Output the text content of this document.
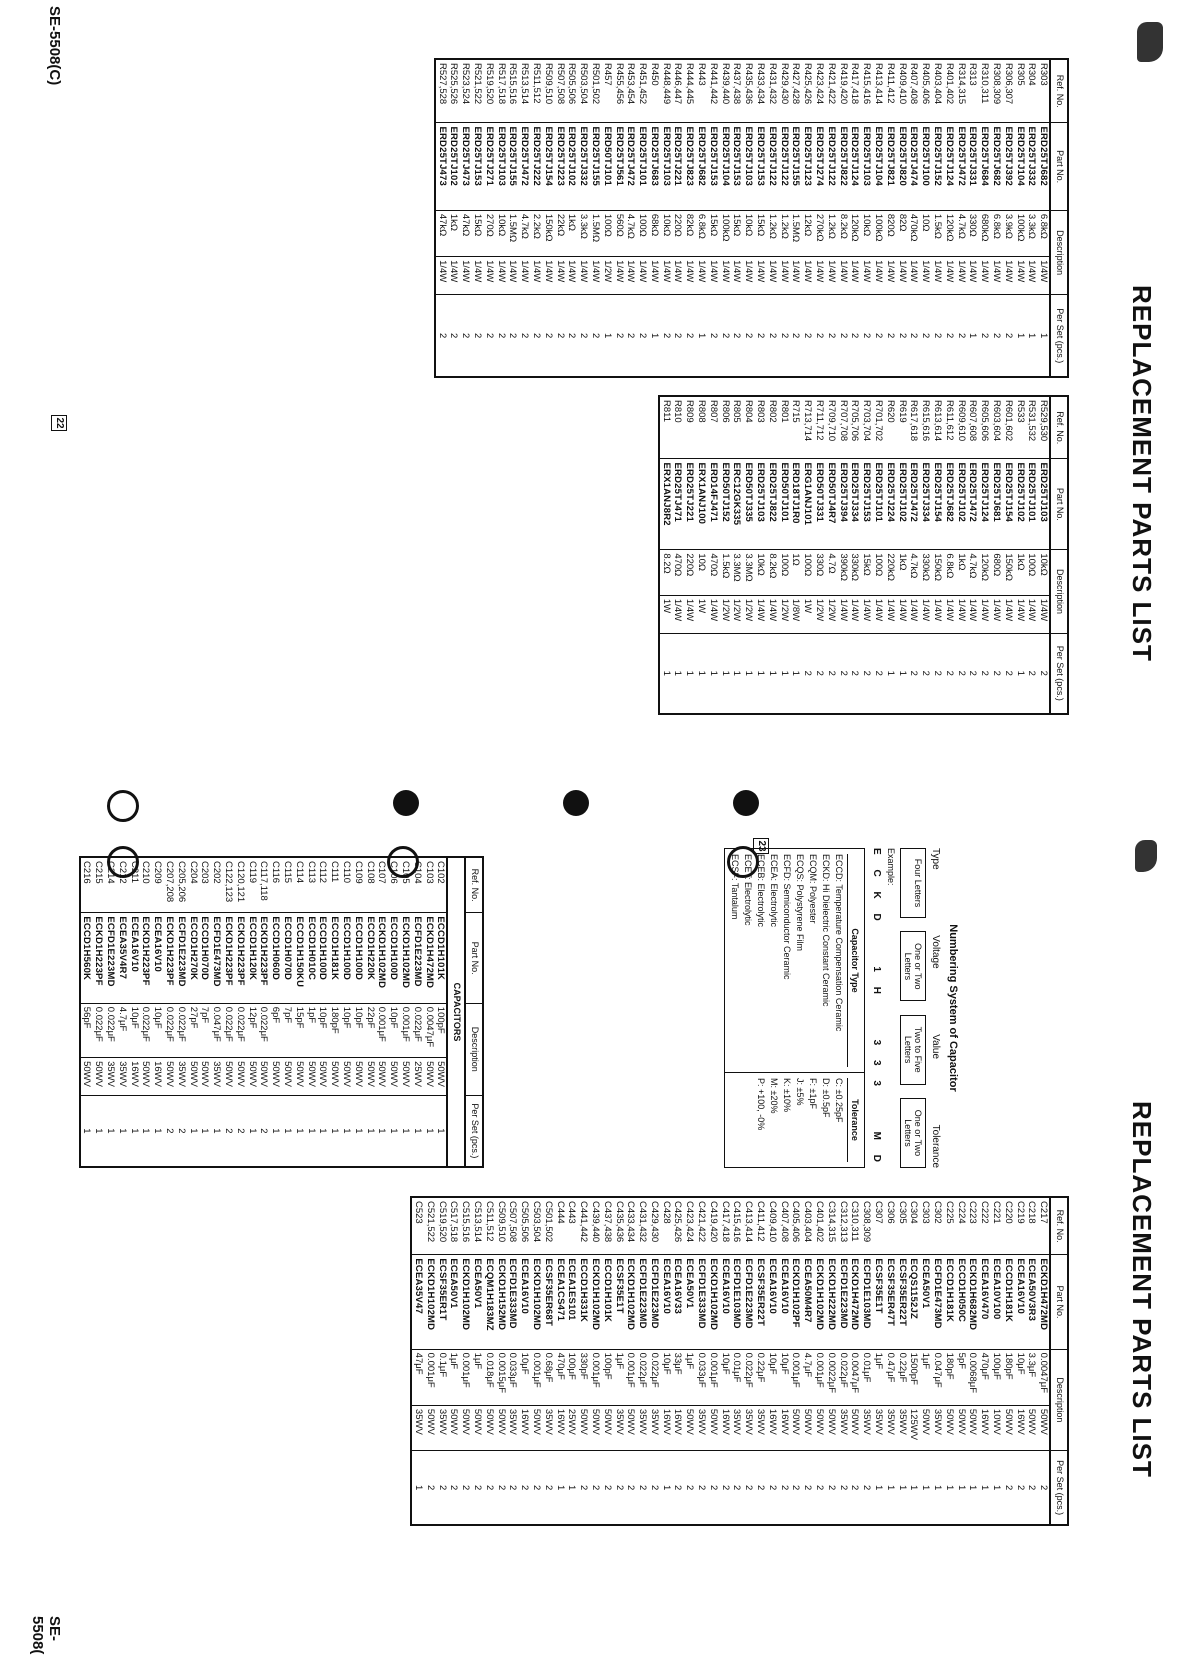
REPLACEMENT PARTS LIST
Ref. No.	Part No.	Description		Per Set (pcs.)
R303	ERD25TJ682	6.8kΩ	1/4W	1
R304	ERD25TJ332	3.3kΩ	1/4W	1
R305	ERD25TJ104	100kΩ	1/4W	1
R306,307	ERD25TJ392	3.9kΩ	1/4W	2
R308,309	ERD25TJ682	6.8kΩ	1/4W	2
R310,311	ERD25TJ684	680kΩ	1/4W	2
R313	ERD25TJ331	330Ω	1/4W	1
R314,315	ERD25TJ472	4.7kΩ	1/4W	2
R401,402	ERD25TJ124	120kΩ	1/4W	2
R403,404	ERD25TJ152	1.5kΩ	1/4W	2
R405,406	ERD25TJ100	10Ω	1/4W	2
R407,408	ERD25TJ474	470kΩ	1/4W	2
R409,410	ERD25TJ820	82Ω	1/4W	2
R411,412	ERD25TJ821	820Ω	1/4W	2
R413,414	ERD25TJ104	100kΩ	1/4W	2
R415,416	ERD25TJ103	10kΩ	1/4W	2
R417,418	ERD25TJ124	120kΩ	1/4W	2
R419,420	ERD25TJ822	8.2kΩ	1/4W	2
R421,422	ERD25TJ122	1.2kΩ	1/4W	2
R423,424	ERD25TJ274	270kΩ	1/4W	2
R425,426	ERD25TJ123	12kΩ	1/4W	2
R427,428	ERD25TJ155	1.5MΩ	1/4W	2
R429,430	ERD25TJ122	1.2kΩ	1/4W	2
R431,432	ERD25TJ122	1.2kΩ	1/4W	2
R433,434	ERD25TJ153	15kΩ	1/4W	2
R435,436	ERD25TJ103	10kΩ	1/4W	2
R437,438	ERD25TJ153	15kΩ	1/4W	2
R439,440	ERD25TJ104	100kΩ	1/4W	2
R441,442	ERD25TJ153	15kΩ	1/4W	2
R443	ERD25TJ682	6.8kΩ	1/4W	1
R444,445	ERD25TJ823	82kΩ	1/4W	2
R446,447	ERD25TJ221	220Ω	1/4W	2
R448,449	ERD25TJ103	10kΩ	1/4W	2
R450	ERD25TJ683	68kΩ	1/4W	1
R451,452	ERD25TJ101	100Ω	1/4W	2
R453,454	ERD25TJ472	4.7kΩ	1/4W	2
R455,456	ERD25TJ561	560Ω	1/4W	2
R457	ERD50TJ101	100Ω	1/2W	1
R501,502	ERD25TJ155	1.5MΩ	1/4W	2
R503,504	ERD25TJ332	3.3kΩ	1/4W	2
R505,506	ERD25TJ102	1kΩ	1/4W	2
R507,508	ERD25TJ223	22kΩ	1/4W	2
R509,510	ERD25TJ154	150kΩ	1/4W	2
R511,512	ERD25TJ222	2.2kΩ	1/4W	2
R513,514	ERD25TJ472	4.7kΩ	1/4W	2
R515,516	ERD25TJ155	1.5MΩ	1/4W	2
R517,518	ERD25TJ103	10kΩ	1/4W	2
R519,520	ERD25TJ271	270Ω	1/4W	2
R521,522	ERD25TJ153	15kΩ	1/4W	2
R523,524	ERD25TJ473	47kΩ	1/4W	2
R525,526	ERD25TJ102	1kΩ	1/4W	2
R527,528	ERD25TJ473	47kΩ	1/4W	2
Ref. No.	Part No.	Description		Per Set (pcs.)
R529,530	ERD25TJ103	10kΩ	1/4W	2
R531,532	ERD25TJ101	100Ω	1/4W	2
R533	ERD25TJ102	1kΩ	1/4W	1
R601,602	ERD25TJ154	150kΩ	1/4W	2
R603,604	ERD25TJ681	680Ω	1/4W	2
R605,606	ERD25TJ124	120kΩ	1/4W	2
R607,608	ERD25TJ472	4.7kΩ	1/4W	2
R609,610	ERD25TJ102	1kΩ	1/4W	2
R611,612	ERD25TJ682	6.8kΩ	1/4W	2
R613,614	ERD25TJ154	150kΩ	1/4W	2
R615,616	ERD25TJ334	330kΩ	1/4W	2
R617,618	ERD25TJ472	4.7kΩ	1/4W	2
R619	ERD25TJ102	1kΩ	1/4W	1
R620	ERD25TJ224	220kΩ	1/4W	1
R701,702	ERD25TJ101	100Ω	1/4W	2
R703,704	ERD25TJ153	15kΩ	1/4W	2
R705,706	ERD25TJ334	330kΩ	1/4W	2
R707,708	ERD25TJ394	390kΩ	1/4W	2
R709,710	ERD50TJ4R7	4.7Ω	1/2W	2
R711,712	ERD50TJ331	330Ω	1/2W	2
R713,714	ERG1ANJ101	100Ω	1W	2
R715	ERD18TJ1R0	1Ω	1/8W	1
R801	ERD50TJ101	100Ω	1/2W	1
R802	ERD25TJ822	8.2kΩ	1/4W	1
R803	ERD25TJ103	10kΩ	1/4W	1
R804	ERD50TJ335	3.3MΩ	1/2W	1
R805	ERC12GK335	3.3MΩ	1/2W	1
R806	ERD50TJ152	1.5kΩ	1/2W	1
R807	ERD14FJ471	470Ω	1/4W	1
R808	ERX1ANJ100	10Ω	1W	1
R809	ERD25TJ221	220Ω	1/4W	1
R810	ERD25TJ471	470Ω	1/4W	1
R811	ERX1ANJ8R2	8.2Ω	1W	1
22
SE-5508(C)
REPLACEMENT PARTS LIST
Numbering System of Capacitor
Type
Voltage
Value
Tolerance
Four Letters
One or Two Letters
Two to Five Letters
One or Two Letters
Example:
E C K D
1 H
3 3 3
M D
Capacitor Type
ECCD: Temperature Compensation Ceramic
ECKD: Hi Dielectric Constant Ceramic
ECQM: Polyester
ECQS: Polystyrene Film
ECFD: Semiconductor Ceramic
ECEA: Electrolytic
ECEB: Electrolytic
ECET: Electrolytic
ECSF: Tantalum
Tolerance
C: ±0.25pF
D: ±0.5pF
F: ±1pF
J: ±5%
K: ±10%
M: ±20%
P: +100, -0%
Ref. No.	Part No.	Description		Per Set (pcs.)
CAPACITORS				
C102	ECCD1H101K	100pF	50WV	1
C103	ECKD1H472MD	0.0047μF	50WV	1
C104	ECFD1E223MD	0.022μF	25WV	1
C105	ECKD1H102MD	0.001μF	50WV	1
C106	ECCD1H100D	10pF	50WV	1
C107	ECKD1H102MD	0.001μF	50WV	1
C108	ECCD1H220K	22pF	50WV	1
C109	ECCD1H100D	10pF	50WV	1
C110	ECCD1H100D	10pF	50WV	1
C111	ECCD1H181K	180pF	50WV	1
C112	ECCD1H100D	10pF	50WV	1
C113	ECCD1H010C	1pF	50WV	1
C114	ECCD1H150KU	15pF	50WV	1
C115	ECCD1H070D	7pF	50WV	1
C116	ECCD1H060D	6pF	50WV	1
C117,118	ECKD1H223PF	0.022μF	50WV	2
C119	ECCD1H120K	12pF	50WV	1
C120,121	ECKD1H223PF	0.022μF	50WV	2
C122,123	ECKD1H223PF	0.022μF	50WV	2
C202	ECFD1E473MD	0.047μF	35WV	1
C203	ECCD1H070D	7pF	50WV	1
C204	ECCD1H270K	27pF	50WV	1
C205,206	ECFD1E223MD	0.022μF	35WV	2
C207,208	ECKD1H223PF	0.022μF	50WV	2
C209	ECEA16V10	10μF	16WV	1
C210	ECKD1H223PF	0.022μF	50WV	1
C211	ECEA16V10	10μF	16WV	1
C212	ECEA35V4R7	4.7μF	35WV	1
C214	ECFD1E223MD	0.022μF	35WV	1
C215	ECKD1H223PF	0.022μF	50WV	1
C216	ECCD1H560K	56pF	50WV	1
Ref. No.	Part No.	Description		Per Set (pcs.)
C217	ECKD1H472MD	0.0047μF	50WV	2
C218	ECEA50V3R3	3.3μF	50WV	2
C219	ECEA16V10	10μF	16WV	2
C220	ECCD1H181K	180pF	50WV	2
C221	ECEA10V100	100μF	10WV	1
C222	ECEA16V470	470μF	16WV	1
C223	ECKD1H682MD	0.0068μF	50WV	1
C224	ECCD1H050C	5pF	50WV	1
C225	ECCD1H181K	180pF	50WV	1
C302	ECFD1E473MD	0.047μF	35WV	1
C303	ECEA50V1	1μF	50WV	1
C304	ECQS1152JZ	1500pF	125WV	1
C305	ECSF35ER22T	0.22μF	35WV	1
C306	ECSF35ER47T	0.47μF	35WV	1
C307	ECSF35E1T	1μF	35WV	1
C308,309	ECFD1E103MD	0.01μF	35WV	2
C310,311	ECKD1H472MD	0.0047μF	50WV	2
C312,313	ECFD1E223MD	0.022μF	35WV	2
C314,315	ECKD1H222MD	0.0022μF	50WV	2
C401,402	ECKD1H102MD	0.001μF	50WV	2
C403,404	ECEA50M4R7	4.7μF	50WV	2
C405,406	ECKD1H102PF	0.001μF	50WV	2
C407,408	ECEA16V10	10μF	16WV	2
C409,410	ECEA16V10	10μF	16WV	2
C411,412	ECSF35ER22T	0.22μF	35WV	2
C413,414	ECFD1E223MD	0.022μF	35WV	2
C415,416	ECFD1E103MD	0.01μF	35WV	2
C417,418	ECEA16V10	10μF	16WV	2
C419,420	ECKD1H102MD	0.001μF	50WV	2
C421,422	ECFD1E333MD	0.033μF	35WV	2
C423,424	ECEA50V1	1μF	50WV	2
C425,426	ECEA16V33	33μF	16WV	2
C428	ECEA16V10	10μF	16WV	1
C429,430	ECFD1E223MD	0.022μF	35WV	2
C431,432	ECFD1E223MD	0.022μF	35WV	2
C433,434	ECKD1H102MD	0.001μF	50WV	2
C435,436	ECSF35E1T	1μF	35WV	2
C437,438	ECCD1H101K	100pF	50WV	2
C439,440	ECKD1H102MD	0.001μF	50WV	2
C441,442	ECCD1H331K	330pF	50WV	2
C443	ECEA1ES101	100μF	25WV	1
C444	ECEA1CS471	470μF	16WV	1
C501,502	ECSF35ER68T	0.68μF	35WV	2
C503,504	ECKD1H102MD	0.001μF	50WV	2
C505,506	ECEA16V10	10μF	16WV	2
C507,508	ECFD1E333MD	0.033μF	35WV	2
C509,510	ECKD1H152MD	0.0015μF	50WV	2
C511,512	ECQM1H183MZ	0.018μF	50WV	2
C513,514	ECEA50V1	1μF	50WV	2
C515,516	ECKD1H102MD	0.001μF	50WV	2
C517,518	ECEA50V1	1μF	50WV	2
C519,520	ECSF35ER1T	0.1μF	35WV	2
C521,522	ECKD1H102MD	0.001μF	50WV	2
C523	ECEA35V47	47μF	35WV	1
23
SE-5508(
